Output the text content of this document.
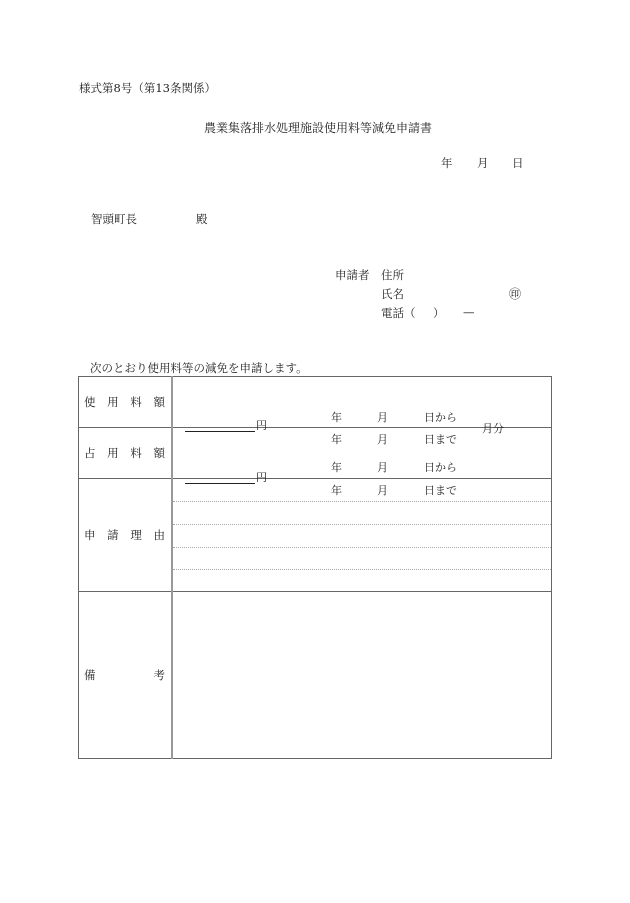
様式第8号（第13条関係）
農業集落排水処理施設使用料等減免申請書
年 月 日
智頭町長	殿
申請者 住所
氏名	㊞
電話（ ） —
次のとおり使用料等の減免を申請します。
使 用 料 額

円
年	月	日から
年	月	日まで
月分

占 用 料 額

円
年	月	日から
年	月	日まで

申 請 理 由	

備 考	
